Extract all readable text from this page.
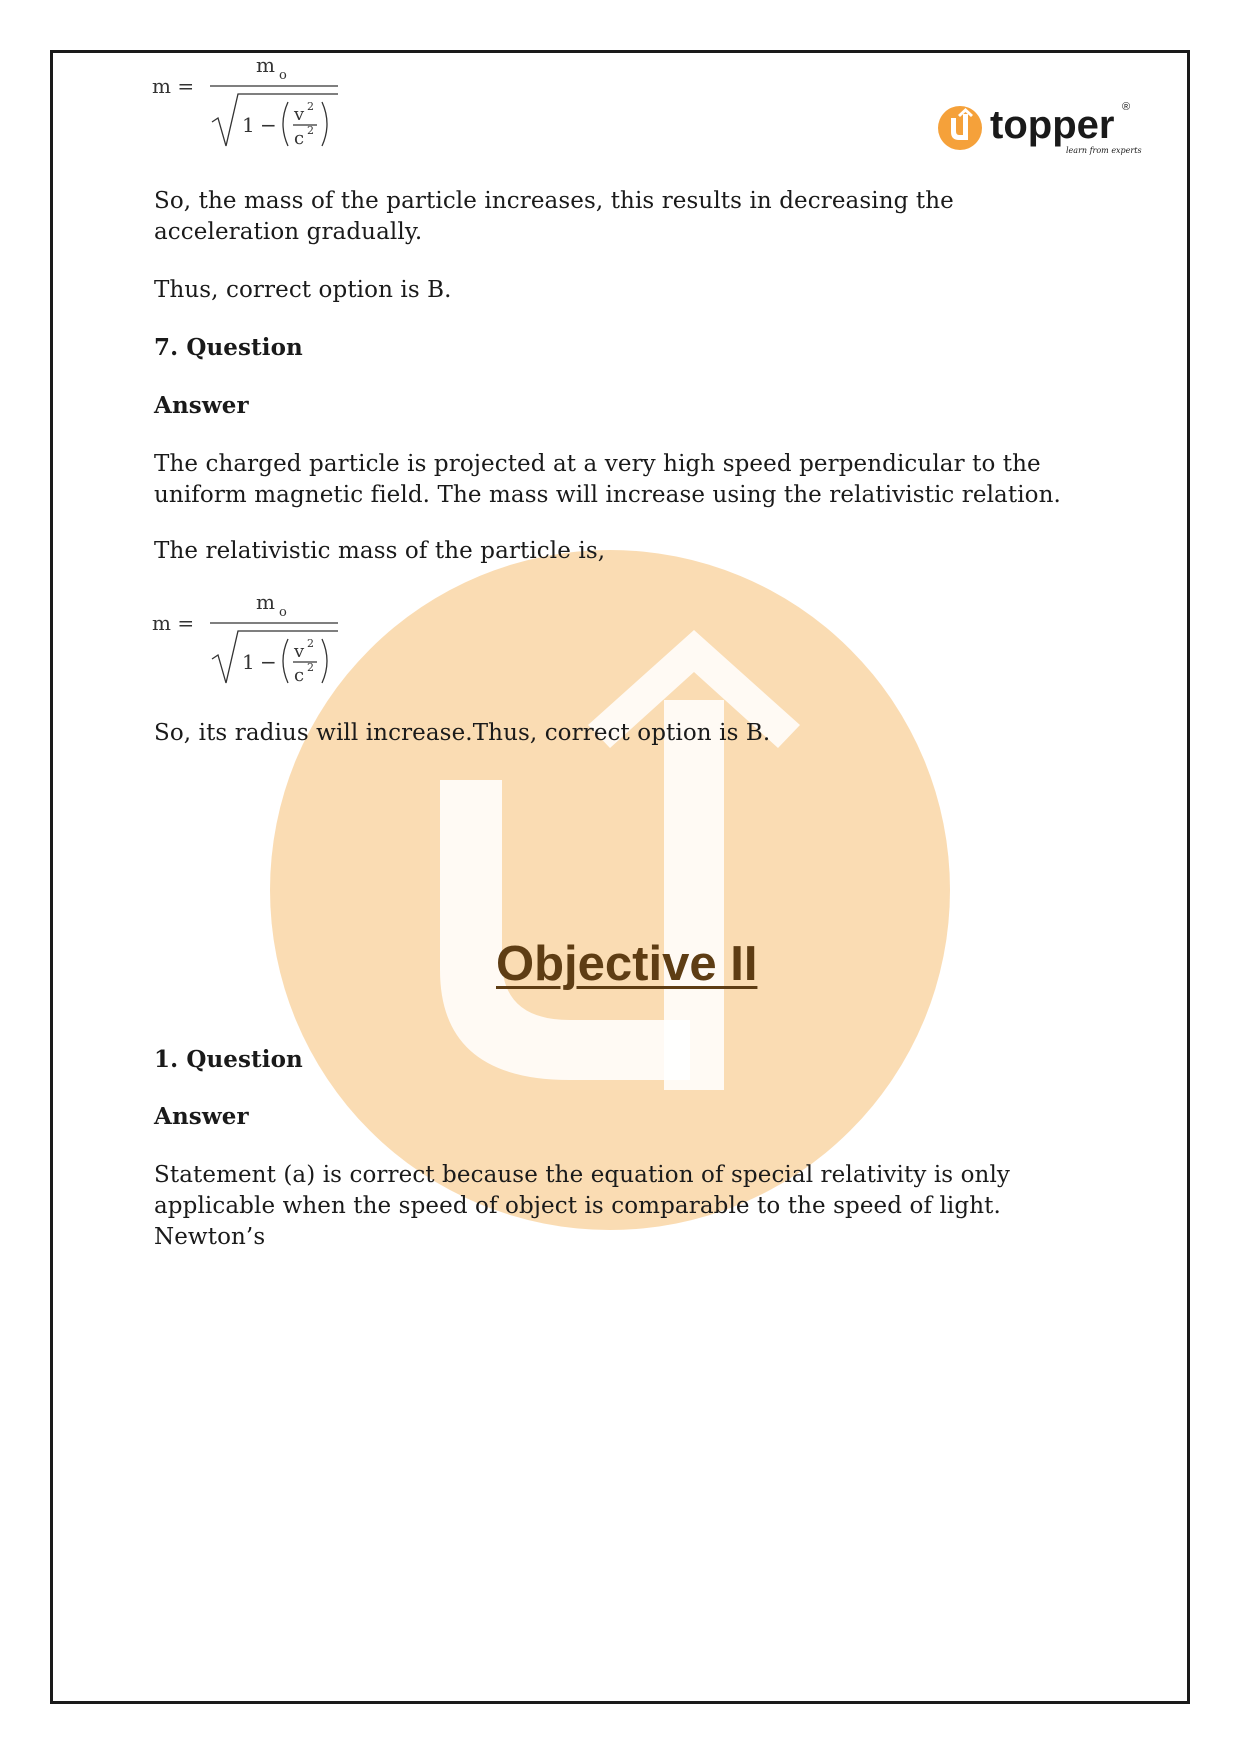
topper ®
learn from experts
m =
m o
1 − v 2
c 2
m =
m o
1 − v 2
c 2

So, the mass of the particle increases, this results in decreasing the acceleration gradually.

Thus, correct option is B.

7. Question

Answer

The charged particle is projected at a very high speed perpendicular to the uniform magnetic field. The mass will increase using the relativistic relation.

The relativistic mass of the particle is,

So, its radius will increase.Thus, correct option is B.

Objective II

1. Question

Answer

Statement (a) is correct because the equation of special relativity is only applicable when the speed of object is comparable to the speed of light. Newton’s
